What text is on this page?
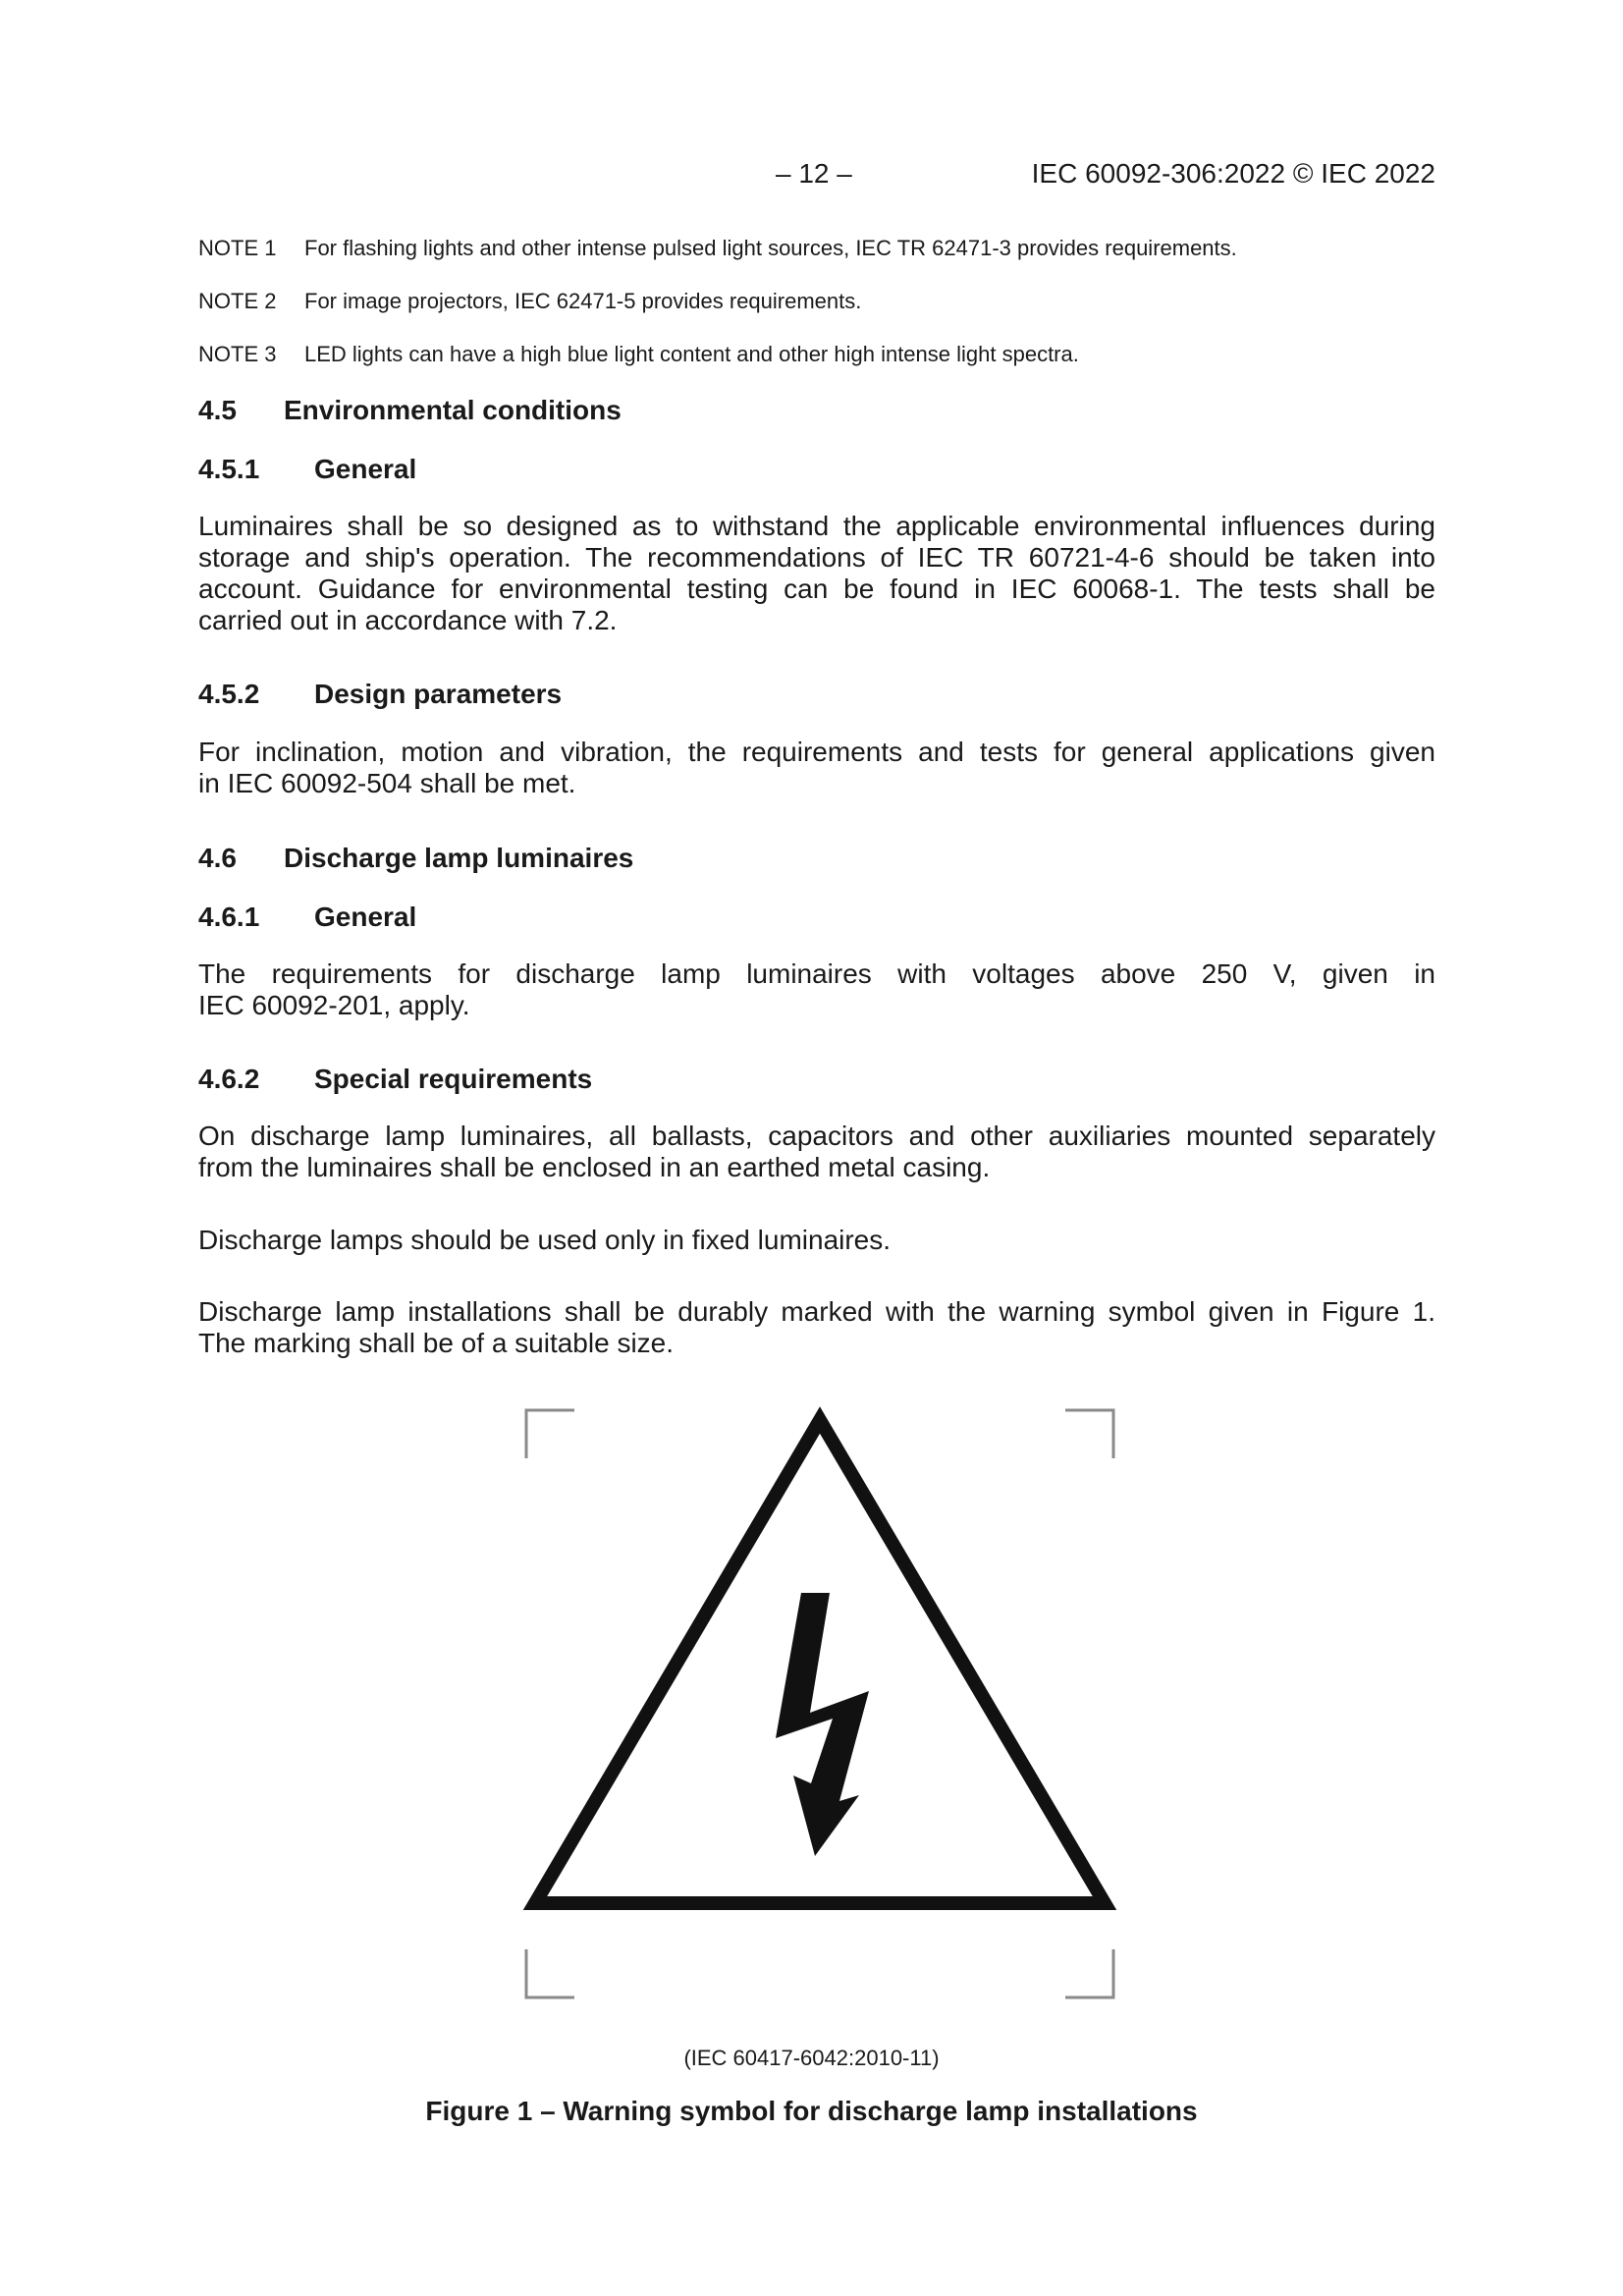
– 12 –	IEC 60092-306:2022 © IEC 2022
NOTE 1 For flashing lights and other intense pulsed light sources, IEC TR 62471-3 provides requirements.
NOTE 2 For image projectors, IEC 62471-5 provides requirements.
NOTE 3 LED lights can have a high blue light content and other high intense light spectra.
4.5 Environmental conditions
4.5.1 General
Luminaires shall be so designed as to withstand the applicable environmental influences during
storage and ship's operation. The recommendations of IEC TR 60721-4-6 should be taken into
account. Guidance for environmental testing can be found in IEC 60068-1. The tests shall be
carried out in accordance with 7.2.
4.5.2 Design parameters
For inclination, motion and vibration, the requirements and tests for general applications given
in IEC 60092-504 shall be met.
4.6 Discharge lamp luminaires
4.6.1 General
The requirements for discharge lamp luminaires with voltages above 250 V, given in
IEC 60092-201, apply.
4.6.2 Special requirements
On discharge lamp luminaires, all ballasts, capacitors and other auxiliaries mounted separately
from the luminaires shall be enclosed in an earthed metal casing.
Discharge lamps should be used only in fixed luminaires.
Discharge lamp installations shall be durably marked with the warning symbol given in Figure 1.
The marking shall be of a suitable size.
(IEC 60417-6042:2010-11)
Figure 1 – Warning symbol for discharge lamp installations
